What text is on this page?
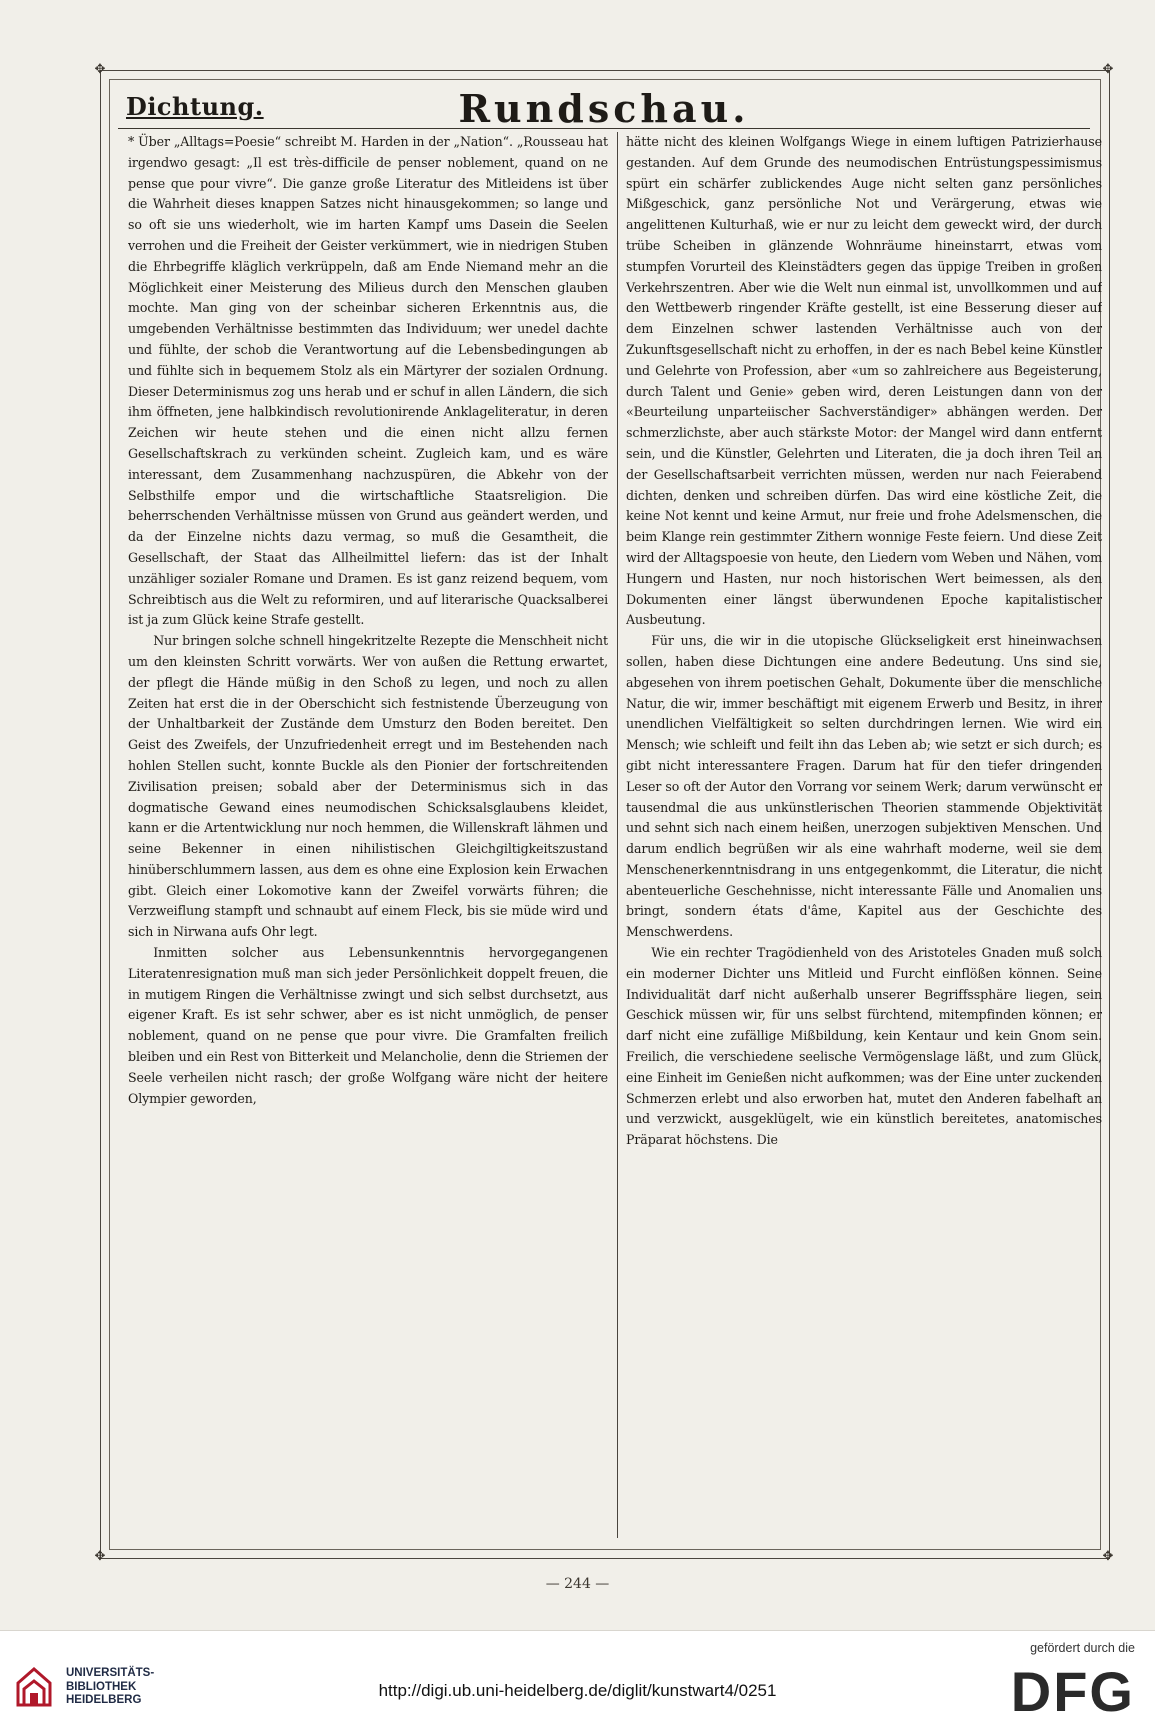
✥	✥
✥	✥
Dichtung.	Rundschau.

* Über „Alltags=Poesie“ schreibt M. Harden in der „Nation“. „Rousseau hat irgendwo gesagt: „Il est très-difficile de penser noblement, quand on ne pense que pour vivre“. Die ganze große Literatur des Mitleidens ist über die Wahrheit dieses knappen Satzes nicht hinausgekommen; so lange und so oft sie uns wiederholt, wie im harten Kampf ums Dasein die Seelen verrohen und die Freiheit der Geister verkümmert, wie in niedrigen Stuben die Ehrbegriffe kläglich verkrüppeln, daß am Ende Niemand mehr an die Möglichkeit einer Meisterung des Milieus durch den Menschen glauben mochte. Man ging von der scheinbar sicheren Erkenntnis aus, die umgebenden Verhältnisse bestimmten das Individuum; wer unedel dachte und fühlte, der schob die Verantwortung auf die Lebensbedingungen ab und fühlte sich in bequemem Stolz als ein Märtyrer der sozialen Ordnung. Dieser Determinismus zog uns herab und er schuf in allen Ländern, die sich ihm öffneten, jene halbkindisch revolutionirende Anklageliteratur, in deren Zeichen wir heute stehen und die einen nicht allzu fernen Gesellschaftskrach zu verkünden scheint. Zugleich kam, und es wäre interessant, dem Zusammenhang nachzuspüren, die Abkehr von der Selbsthilfe empor und die wirtschaftliche Staatsreligion. Die beherrschenden Verhältnisse müssen von Grund aus geändert werden, und da der Einzelne nichts dazu vermag, so muß die Gesamtheit, die Gesellschaft, der Staat das Allheilmittel liefern: das ist der Inhalt unzähliger sozialer Romane und Dramen. Es ist ganz reizend bequem, vom Schreibtisch aus die Welt zu reformiren, und auf literarische Quacksalberei ist ja zum Glück keine Strafe gestellt.

Nur bringen solche schnell hingekritzelte Rezepte die Menschheit nicht um den kleinsten Schritt vorwärts. Wer von außen die Rettung erwartet, der pflegt die Hände müßig in den Schoß zu legen, und noch zu allen Zeiten hat erst die in der Oberschicht sich festnistende Überzeugung von der Unhaltbarkeit der Zustände dem Umsturz den Boden bereitet. Den Geist des Zweifels, der Unzufriedenheit erregt und im Bestehenden nach hohlen Stellen sucht, konnte Buckle als den Pionier der fortschreitenden Zivilisation preisen; sobald aber der Determinismus sich in das dogmatische Gewand eines neumodischen Schicksalsglaubens kleidet, kann er die Artentwicklung nur noch hemmen, die Willenskraft lähmen und seine Bekenner in einen nihilistischen Gleichgiltigkeitszustand hinüberschlummern lassen, aus dem es ohne eine Explosion kein Erwachen gibt. Gleich einer Lokomotive kann der Zweifel vorwärts führen; die Verzweiflung stampft und schnaubt auf einem Fleck, bis sie müde wird und sich in Nirwana aufs Ohr legt.

Inmitten solcher aus Lebensunkenntnis hervorgegangenen Literatenresignation muß man sich jeder Persönlichkeit doppelt freuen, die in mutigem Ringen die Verhältnisse zwingt und sich selbst durchsetzt, aus eigener Kraft. Es ist sehr schwer, aber es ist nicht unmöglich, de penser noblement, quand on ne pense que pour vivre. Die Gramfalten freilich bleiben und ein Rest von Bitterkeit und Melancholie, denn die Striemen der Seele verheilen nicht rasch; der große Wolfgang wäre nicht der heitere Olympier geworden,

hätte nicht des kleinen Wolfgangs Wiege in einem luftigen Patrizierhause gestanden. Auf dem Grunde des neumodischen Entrüstungspessimismus spürt ein schärfer zublickendes Auge nicht selten ganz persönliches Mißgeschick, ganz persönliche Not und Verärgerung, etwas wie angelittenen Kulturhaß, wie er nur zu leicht dem geweckt wird, der durch trübe Scheiben in glänzende Wohnräume hineinstarrt, etwas vom stumpfen Vorurteil des Kleinstädters gegen das üppige Treiben in großen Verkehrszentren. Aber wie die Welt nun einmal ist, unvollkommen und auf den Wettbewerb ringender Kräfte gestellt, ist eine Besserung dieser auf dem Einzelnen schwer lastenden Verhältnisse auch von der Zukunftsgesellschaft nicht zu erhoffen, in der es nach Bebel keine Künstler und Gelehrte von Profession, aber «um so zahlreichere aus Begeisterung, durch Talent und Genie» geben wird, deren Leistungen dann von der «Beurteilung unparteiischer Sachverständiger» abhängen werden. Der schmerzlichste, aber auch stärkste Motor: der Mangel wird dann entfernt sein, und die Künstler, Gelehrten und Literaten, die ja doch ihren Teil an der Gesellschaftsarbeit verrichten müssen, werden nur nach Feierabend dichten, denken und schreiben dürfen. Das wird eine köstliche Zeit, die keine Not kennt und keine Armut, nur freie und frohe Adelsmenschen, die beim Klange rein gestimmter Zithern wonnige Feste feiern. Und diese Zeit wird der Alltagspoesie von heute, den Liedern vom Weben und Nähen, vom Hungern und Hasten, nur noch historischen Wert beimessen, als den Dokumenten einer längst überwundenen Epoche kapitalistischer Ausbeutung.

Für uns, die wir in die utopische Glückseligkeit erst hineinwachsen sollen, haben diese Dichtungen eine andere Bedeutung. Uns sind sie, abgesehen von ihrem poetischen Gehalt, Dokumente über die menschliche Natur, die wir, immer beschäftigt mit eigenem Erwerb und Besitz, in ihrer unendlichen Vielfältigkeit so selten durchdringen lernen. Wie wird ein Mensch; wie schleift und feilt ihn das Leben ab; wie setzt er sich durch; es gibt nicht interessantere Fragen. Darum hat für den tiefer dringenden Leser so oft der Autor den Vorrang vor seinem Werk; darum verwünscht er tausendmal die aus unkünstlerischen Theorien stammende Objektivität und sehnt sich nach einem heißen, unerzogen subjektiven Menschen. Und darum endlich begrüßen wir als eine wahrhaft moderne, weil sie dem Menschenerkenntnisdrang in uns entgegenkommt, die Literatur, die nicht abenteuerliche Geschehnisse, nicht interessante Fälle und Anomalien uns bringt, sondern états d'âme, Kapitel aus der Geschichte des Menschwerdens.

Wie ein rechter Tragödienheld von des Aristoteles Gnaden muß solch ein moderner Dichter uns Mitleid und Furcht einflößen können. Seine Individualität darf nicht außerhalb unserer Begriffssphäre liegen, sein Geschick müssen wir, für uns selbst fürchtend, mitempfinden können; er darf nicht eine zufällige Mißbildung, kein Kentaur und kein Gnom sein. Freilich, die verschiedene seelische Vermögenslage läßt, und zum Glück, eine Einheit im Genießen nicht aufkommen; was der Eine unter zuckenden Schmerzen erlebt und also erworben hat, mutet den Anderen fabelhaft an und verzwickt, ausgeklügelt, wie ein künstlich bereitetes, anatomisches Präparat höchstens. Die

— 244 —
UNIVERSITÄTS-
BIBLIOTHEK
HEIDELBERG	http://digi.ub.uni-heidelberg.de/diglit/kunstwart4/0251
gefördert durch die
DFG
